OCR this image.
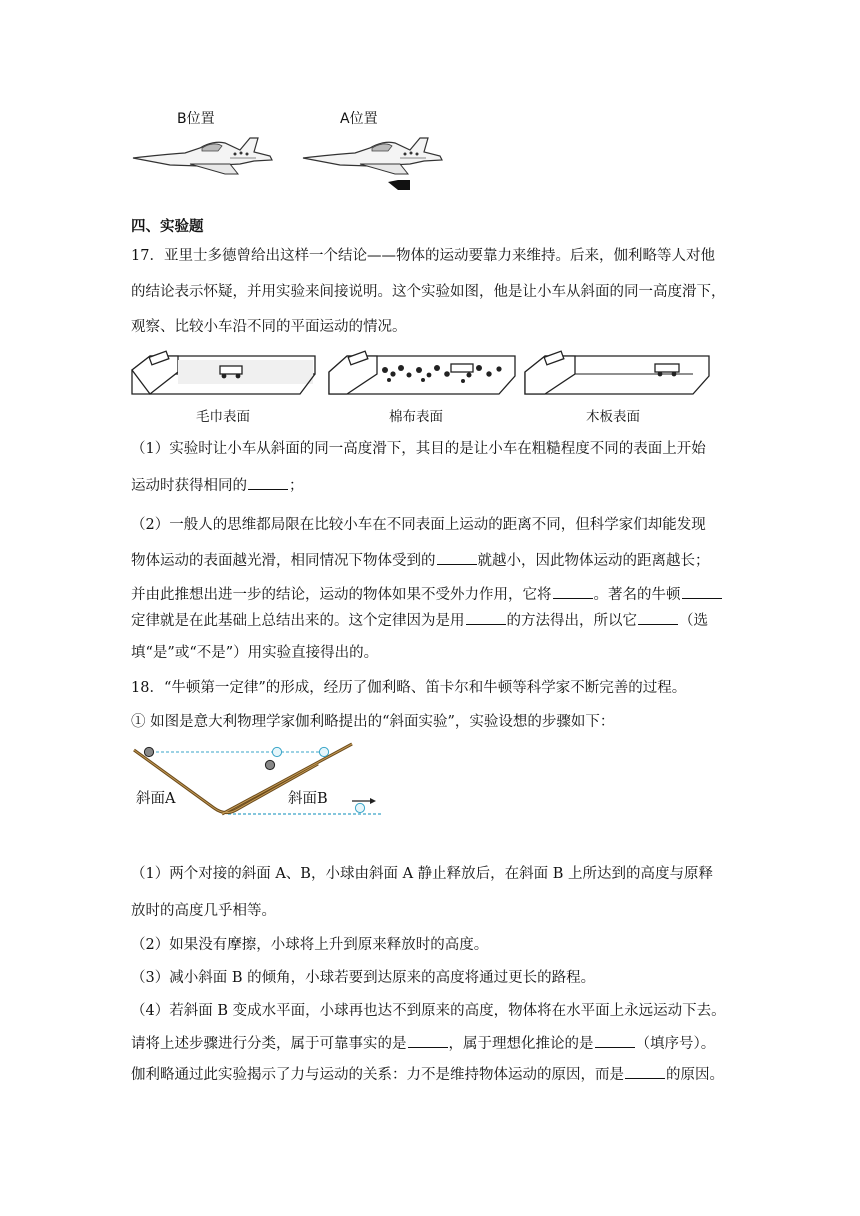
B位置	A位置
四、实验题
17．亚里士多德曾给出这样一个结论——物体的运动要靠力来维持。后来，伽利略等人对他
的结论表示怀疑，并用实验来间接说明。这个实验如图，他是让小车从斜面的同一高度滑下，
观察、比较小车沿不同的平面运动的情况。
毛巾表面	棉布表面	木板表面
（1）实验时让小车从斜面的同一高度滑下，其目的是让小车在粗糙程度不同的表面上开始
运动时获得相同的	；
（2）一般人的思维都局限在比较小车在不同表面上运动的距离不同，但科学家们却能发现
物体运动的表面越光滑，相同情况下物体受到的	就越小，因此物体运动的距离越长；
并由此推想出进一步的结论，运动的物体如果不受外力作用，它将	。著名的牛顿
定律就是在此基础上总结出来的。这个定律因为是用	的方法得出，所以它	（选
填“是”或“不是”）用实验直接得出的。
18．“牛顿第一定律”的形成，经历了伽利略、笛卡尔和牛顿等科学家不断完善的过程。
① 如图是意大利物理学家伽利略提出的“斜面实验”，实验设想的步骤如下：
斜面A	斜面B
（1）两个对接的斜面 A、B，小球由斜面 A 静止释放后，在斜面 B 上所达到的高度与原释
放时的高度几乎相等。
（2）如果没有摩擦，小球将上升到原来释放时的高度。
（3）减小斜面 B 的倾角，小球若要到达原来的高度将通过更长的路程。
（4）若斜面 B 变成水平面，小球再也达不到原来的高度，物体将在水平面上永远运动下去。
请将上述步骤进行分类，属于可靠事实的是	，属于理想化推论的是	（填序号）。
伽利略通过此实验揭示了力与运动的关系：力不是维持物体运动的原因，而是	的原因。
